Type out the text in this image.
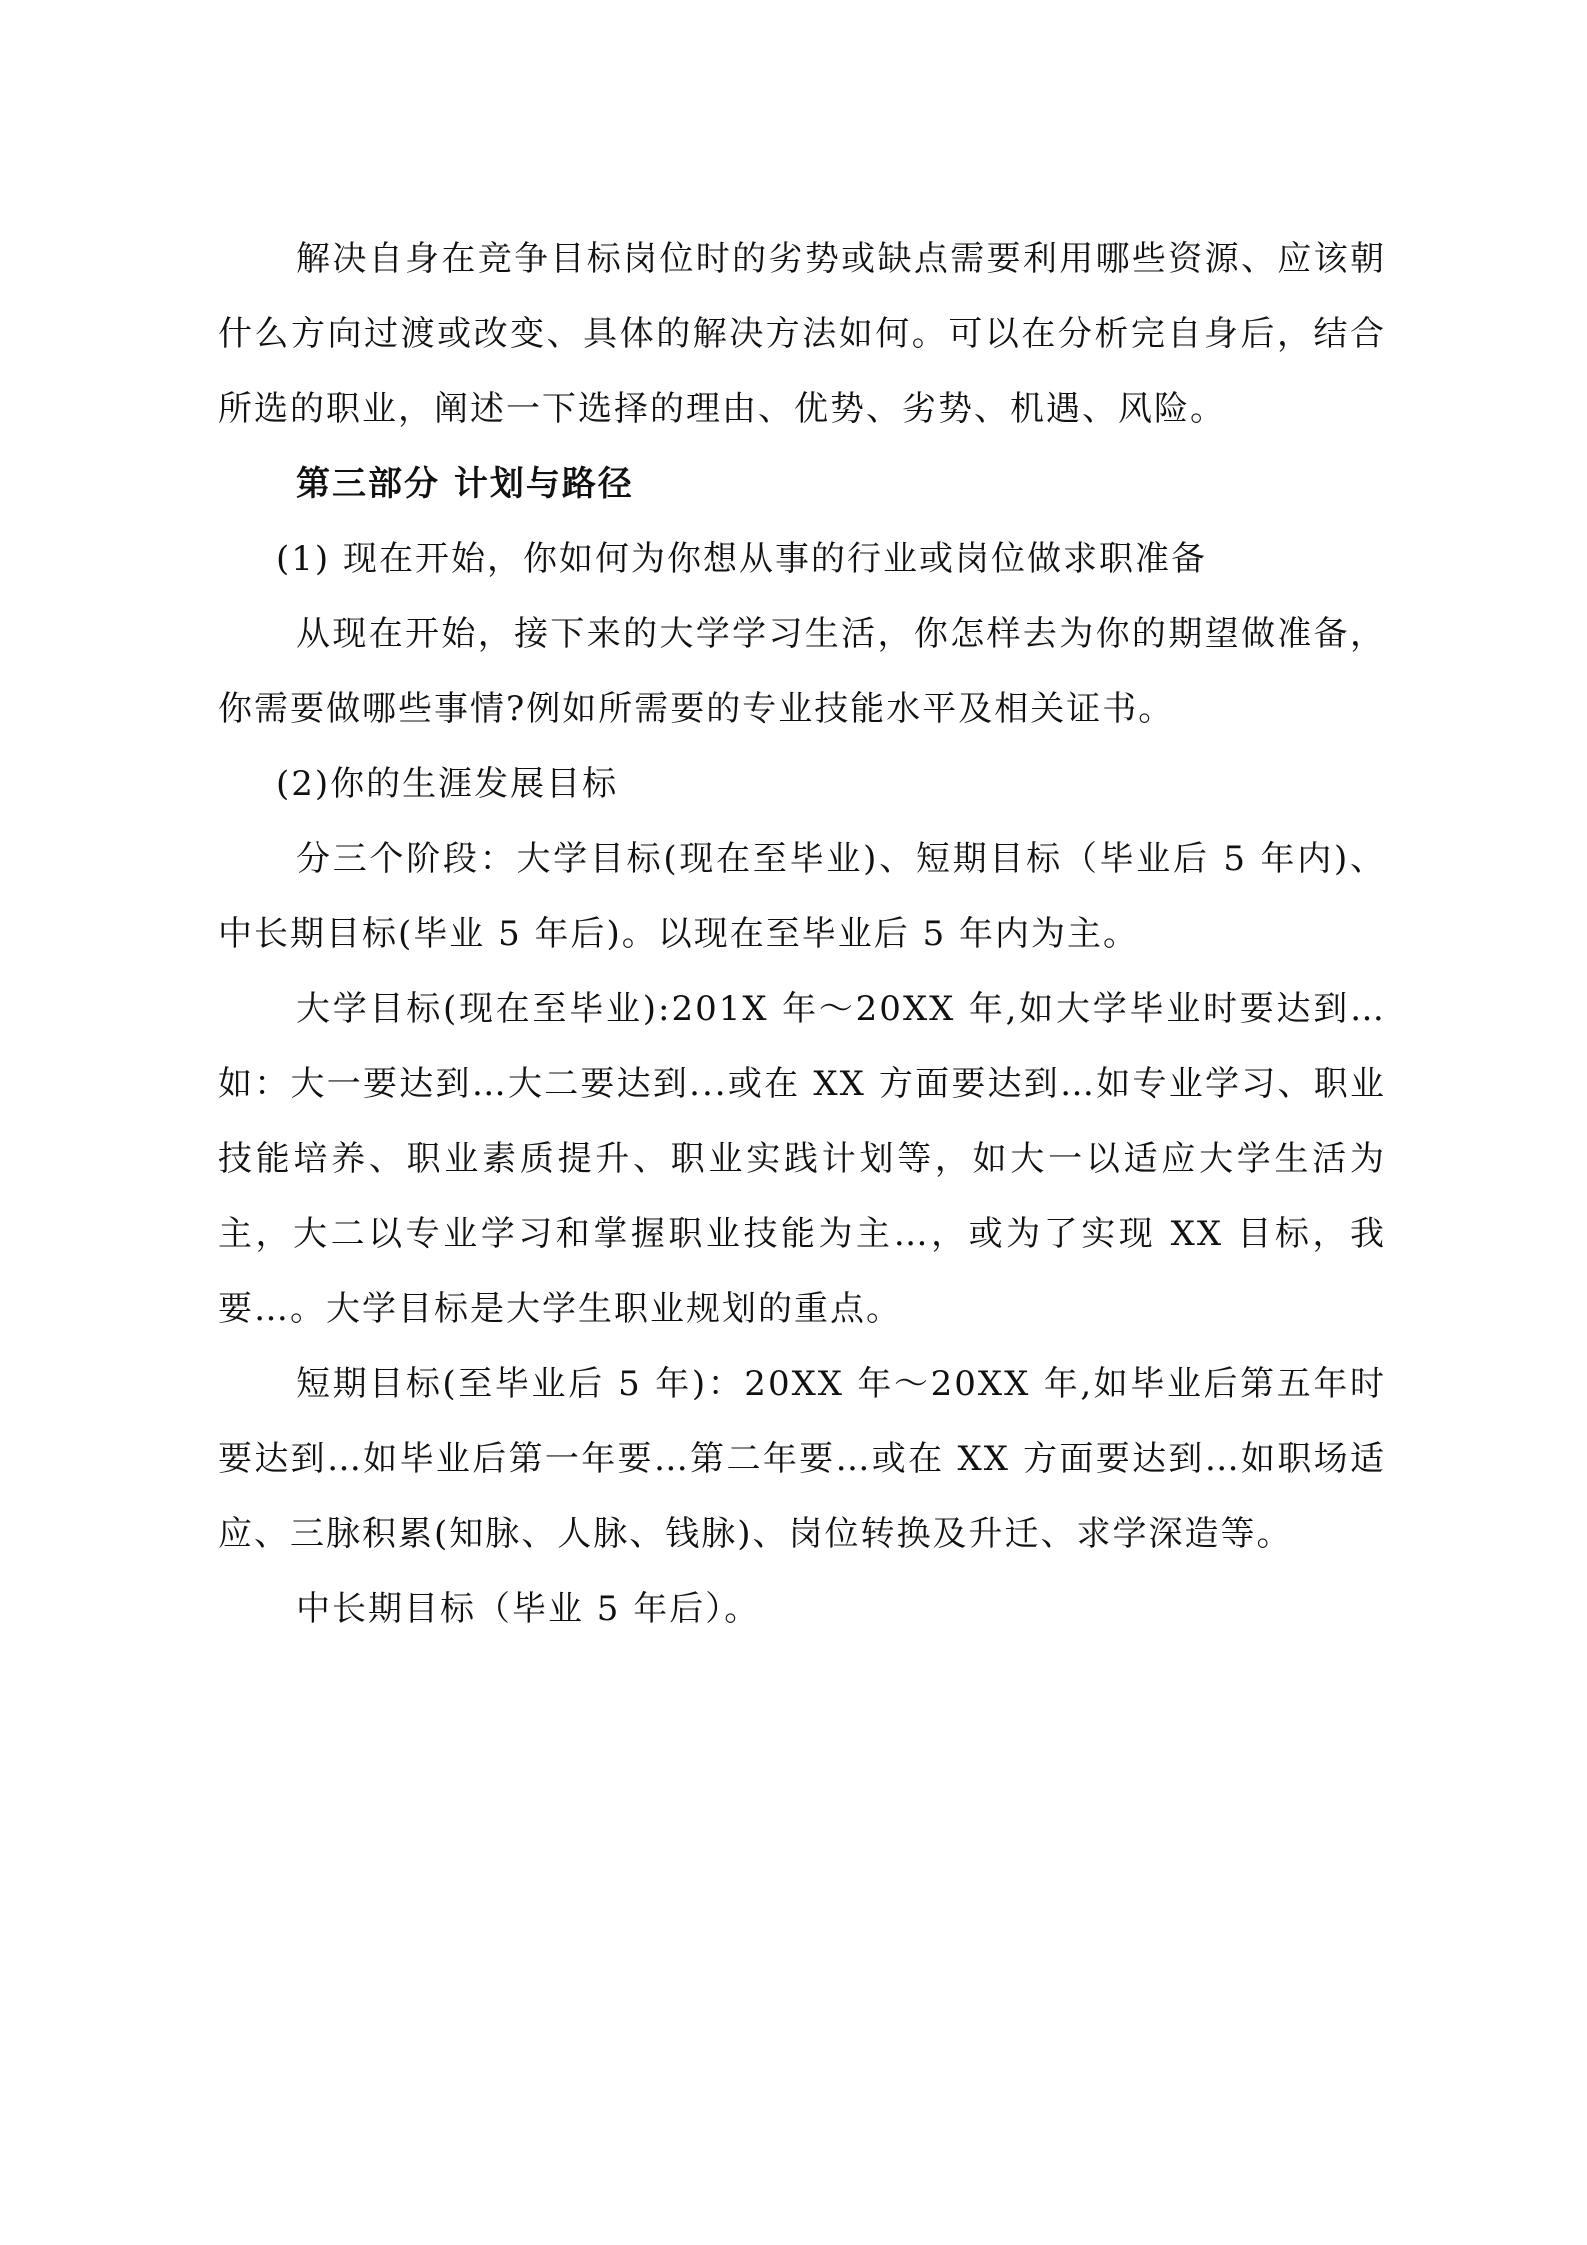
解决自身在竞争目标岗位时的劣势或缺点需要利用哪些资源、应该朝什么方向过渡或改变、具体的解决方法如何。可以在分析完自身后，结合所选的职业，阐述一下选择的理由、优势、劣势、机遇、风险。

第三部分 计划与路径

(1) 现在开始，你如何为你想从事的行业或岗位做求职准备

从现在开始，接下来的大学学习生活，你怎样去为你的期望做准备，你需要做哪些事情?例如所需要的专业技能水平及相关证书。

(2)你的生涯发展目标

分三个阶段：大学目标(现在至毕业)、短期目标（毕业后 5 年内)、中长期目标(毕业 5 年后)。以现在至毕业后 5 年内为主。

大学目标(现在至毕业):201X 年～20XX 年,如大学毕业时要达到…如：大一要达到…大二要达到...或在 XX 方面要达到…如专业学习、职业技能培养、职业素质提升、职业实践计划等，如大一以适应大学生活为主，大二以专业学习和掌握职业技能为主…，或为了实现 XX 目标，我要…。大学目标是大学生职业规划的重点。

短期目标(至毕业后 5 年)：20XX 年～20XX 年,如毕业后第五年时要达到…如毕业后第一年要…第二年要…或在 XX 方面要达到…如职场适应、三脉积累(知脉、人脉、钱脉)、岗位转换及升迁、求学深造等。

中长期目标（毕业 5 年后）。
